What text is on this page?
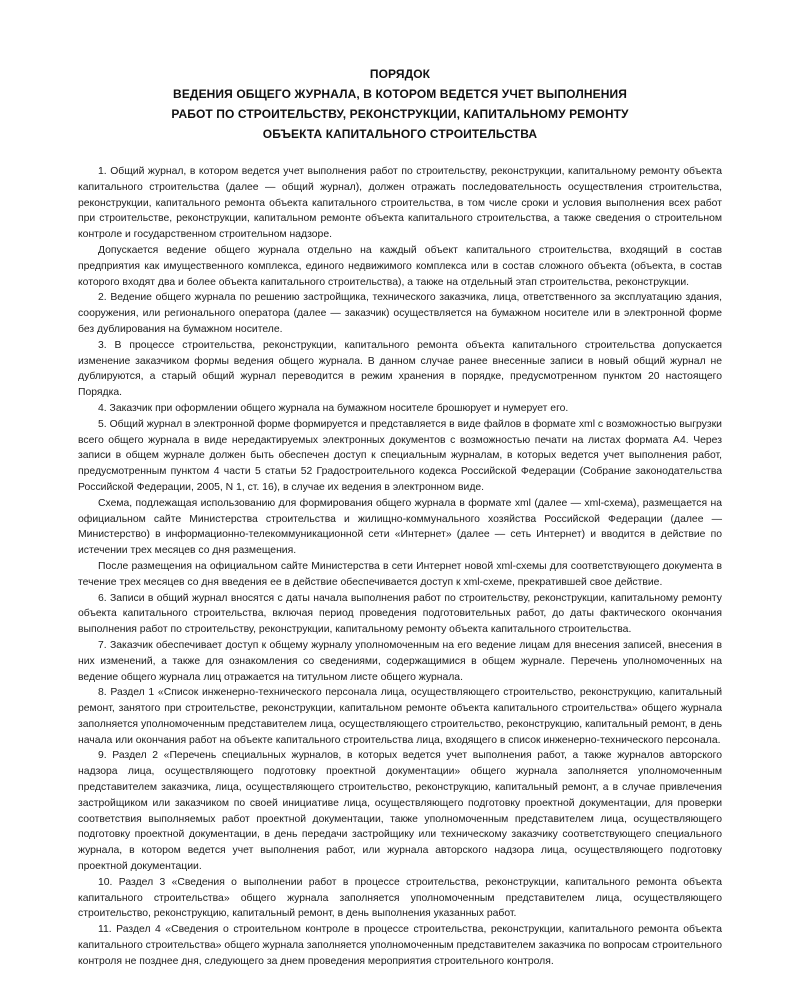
ПОРЯДОК
ВЕДЕНИЯ ОБЩЕГО ЖУРНАЛА, В КОТОРОМ ВЕДЕТСЯ УЧЕТ ВЫПОЛНЕНИЯ
РАБОТ ПО СТРОИТЕЛЬСТВУ, РЕКОНСТРУКЦИИ, КАПИТАЛЬНОМУ РЕМОНТУ
ОБЪЕКТА КАПИТАЛЬНОГО СТРОИТЕЛЬСТВА

1. Общий журнал, в котором ведется учет выполнения работ по строительству, реконструкции, капитальному ремонту объекта капитального строительства (далее — общий журнал), должен отражать последовательность осуществления строительства, реконструкции, капитального ремонта объекта капитального строительства, в том числе сроки и условия выполнения всех работ при строительстве, реконструкции, капитальном ремонте объекта капитального строительства, а также сведения о строительном контроле и государственном строительном надзоре.

Допускается ведение общего журнала отдельно на каждый объект капитального строительства, входящий в состав предприятия как имущественного комплекса, единого недвижимого комплекса или в состав сложного объекта (объекта, в состав которого входят два и более объекта капитального строительства), а также на отдельный этап строительства, реконструкции.

2. Ведение общего журнала по решению застройщика, технического заказчика, лица, ответственного за эксплуатацию здания, сооружения, или регионального оператора (далее — заказчик) осуществляется на бумажном носителе или в электронной форме без дублирования на бумажном носителе.

3. В процессе строительства, реконструкции, капитального ремонта объекта капитального строительства допускается изменение заказчиком формы ведения общего журнала. В данном случае ранее внесенные записи в новый общий журнал не дублируются, а старый общий журнал переводится в режим хранения в порядке, предусмотренном пунктом 20 настоящего Порядка.

4. Заказчик при оформлении общего журнала на бумажном носителе брошюрует и нумерует его.

5. Общий журнал в электронной форме формируется и представляется в виде файлов в формате xml с возможностью выгрузки всего общего журнала в виде нередактируемых электронных документов с возможностью печати на листах формата А4. Через записи в общем журнале должен быть обеспечен доступ к специальным журналам, в которых ведется учет выполнения работ, предусмотренным пунктом 4 части 5 статьи 52 Градостроительного кодекса Российской Федерации (Собрание законодательства Российской Федерации, 2005, N 1, ст. 16), в случае их ведения в электронном виде.

Схема, подлежащая использованию для формирования общего журнала в формате xml (далее — xml-схема), размещается на официальном сайте Министерства строительства и жилищно-коммунального хозяйства Российской Федерации (далее — Министерство) в информационно-телекоммуникационной сети «Интернет» (далее — сеть Интернет) и вводится в действие по истечении трех месяцев со дня размещения.

После размещения на официальном сайте Министерства в сети Интернет новой xml-схемы для соответствующего документа в течение трех месяцев со дня введения ее в действие обеспечивается доступ к xml-схеме, прекратившей свое действие.

6. Записи в общий журнал вносятся с даты начала выполнения работ по строительству, реконструкции, капитальному ремонту объекта капитального строительства, включая период проведения подготовительных работ, до даты фактического окончания выполнения работ по строительству, реконструкции, капитальному ремонту объекта капитального строительства.

7. Заказчик обеспечивает доступ к общему журналу уполномоченным на его ведение лицам для внесения записей, внесения в них изменений, а также для ознакомления со сведениями, содержащимися в общем журнале. Перечень уполномоченных на ведение общего журнала лиц отражается на титульном листе общего журнала.

8. Раздел 1 «Список инженерно-технического персонала лица, осуществляющего строительство, реконструкцию, капитальный ремонт, занятого при строительстве, реконструкции, капитальном ремонте объекта капитального строительства» общего журнала заполняется уполномоченным представителем лица, осуществляющего строительство, реконструкцию, капитальный ремонт, в день начала или окончания работ на объекте капитального строительства лица, входящего в список инженерно-технического персонала.

9. Раздел 2 «Перечень специальных журналов, в которых ведется учет выполнения работ, а также журналов авторского надзора лица, осуществляющего подготовку проектной документации» общего журнала заполняется уполномоченным представителем заказчика, лица, осуществляющего строительство, реконструкцию, капитальный ремонт, а в случае привлечения застройщиком или заказчиком по своей инициативе лица, осуществляющего подготовку проектной документации, для проверки соответствия выполняемых работ проектной документации, также уполномоченным представителем лица, осуществляющего подготовку проектной документации, в день передачи застройщику или техническому заказчику соответствующего специального журнала, в котором ведется учет выполнения работ, или журнала авторского надзора лица, осуществляющего подготовку проектной документации.

10. Раздел 3 «Сведения о выполнении работ в процессе строительства, реконструкции, капитального ремонта объекта капитального строительства» общего журнала заполняется уполномоченным представителем лица, осуществляющего строительство, реконструкцию, капитальный ремонт, в день выполнения указанных работ.

11. Раздел 4 «Сведения о строительном контроле в процессе строительства, реконструкции, капитального ремонта объекта капитального строительства» общего журнала заполняется уполномоченным представителем заказчика по вопросам строительного контроля не позднее дня, следующего за днем проведения мероприятия строительного контроля.
